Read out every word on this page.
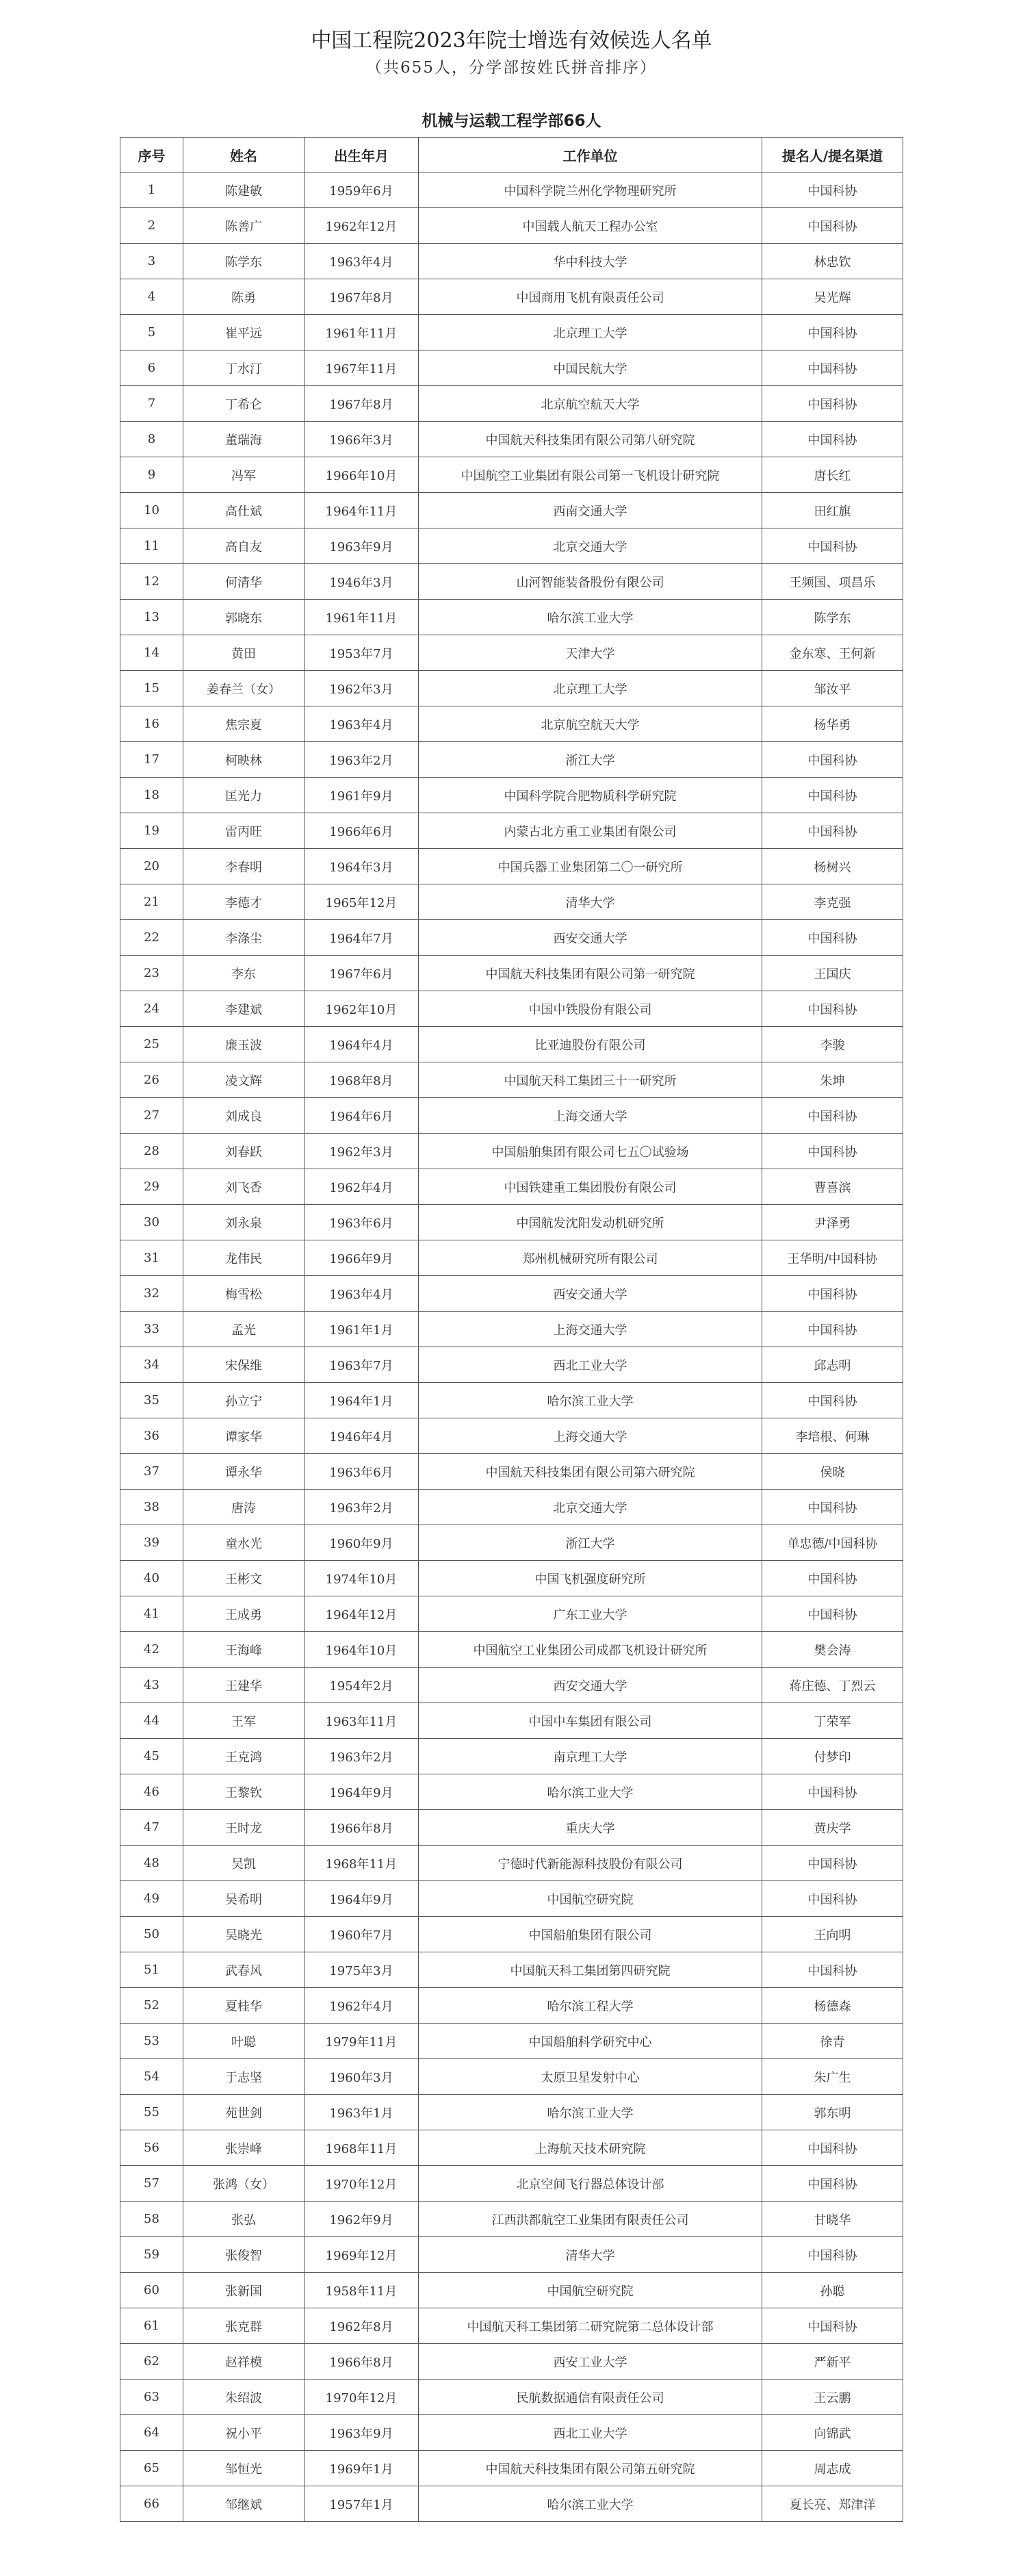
中国工程院2023年院士增选有效候选人名单
（共655人，分学部按姓氏拼音排序）
机械与运载工程学部66人
序号	姓名	出生年月	工作单位	提名人/提名渠道
1	陈建敏	1959年6月	中国科学院兰州化学物理研究所	中国科协
2	陈善广	1962年12月	中国载人航天工程办公室	中国科协
3	陈学东	1963年4月	华中科技大学	林忠钦
4	陈勇	1967年8月	中国商用飞机有限责任公司	吴光辉
5	崔平远	1961年11月	北京理工大学	中国科协
6	丁水汀	1967年11月	中国民航大学	中国科协
7	丁希仑	1967年8月	北京航空航天大学	中国科协
8	董瑞海	1966年3月	中国航天科技集团有限公司第八研究院	中国科协
9	冯军	1966年10月	中国航空工业集团有限公司第一飞机设计研究院	唐长红
10	高仕斌	1964年11月	西南交通大学	田红旗
11	高自友	1963年9月	北京交通大学	中国科协
12	何清华	1946年3月	山河智能装备股份有限公司	王频国、项昌乐
13	郭晓东	1961年11月	哈尔滨工业大学	陈学东
14	黄田	1953年7月	天津大学	金东寒、王何新
15	姜春兰（女）	1962年3月	北京理工大学	邹汝平
16	焦宗夏	1963年4月	北京航空航天大学	杨华勇
17	柯映林	1963年2月	浙江大学	中国科协
18	匡光力	1961年9月	中国科学院合肥物质科学研究院	中国科协
19	雷丙旺	1966年6月	内蒙古北方重工业集团有限公司	中国科协
20	李春明	1964年3月	中国兵器工业集团第二〇一研究所	杨树兴
21	李德才	1965年12月	清华大学	李克强
22	李涤尘	1964年7月	西安交通大学	中国科协
23	李东	1967年6月	中国航天科技集团有限公司第一研究院	王国庆
24	李建斌	1962年10月	中国中铁股份有限公司	中国科协
25	廉玉波	1964年4月	比亚迪股份有限公司	李骏
26	凌文辉	1968年8月	中国航天科工集团三十一研究所	朱坤
27	刘成良	1964年6月	上海交通大学	中国科协
28	刘春跃	1962年3月	中国船舶集团有限公司七五〇试验场	中国科协
29	刘飞香	1962年4月	中国铁建重工集团股份有限公司	曹喜滨
30	刘永泉	1963年6月	中国航发沈阳发动机研究所	尹泽勇
31	龙伟民	1966年9月	郑州机械研究所有限公司	王华明/中国科协
32	梅雪松	1963年4月	西安交通大学	中国科协
33	孟光	1961年1月	上海交通大学	中国科协
34	宋保维	1963年7月	西北工业大学	邱志明
35	孙立宁	1964年1月	哈尔滨工业大学	中国科协
36	谭家华	1946年4月	上海交通大学	李培根、何琳
37	谭永华	1963年6月	中国航天科技集团有限公司第六研究院	侯晓
38	唐涛	1963年2月	北京交通大学	中国科协
39	童水光	1960年9月	浙江大学	单忠德/中国科协
40	王彬文	1974年10月	中国飞机强度研究所	中国科协
41	王成勇	1964年12月	广东工业大学	中国科协
42	王海峰	1964年10月	中国航空工业集团公司成都飞机设计研究所	樊会涛
43	王建华	1954年2月	西安交通大学	蒋庄德、丁烈云
44	王军	1963年11月	中国中车集团有限公司	丁荣军
45	王克鸿	1963年2月	南京理工大学	付梦印
46	王黎钦	1964年9月	哈尔滨工业大学	中国科协
47	王时龙	1966年8月	重庆大学	黄庆学
48	吴凯	1968年11月	宁德时代新能源科技股份有限公司	中国科协
49	吴希明	1964年9月	中国航空研究院	中国科协
50	吴晓光	1960年7月	中国船舶集团有限公司	王向明
51	武春风	1975年3月	中国航天科工集团第四研究院	中国科协
52	夏桂华	1962年4月	哈尔滨工程大学	杨德森
53	叶聪	1979年11月	中国船舶科学研究中心	徐青
54	于志坚	1960年3月	太原卫星发射中心	朱广生
55	苑世剑	1963年1月	哈尔滨工业大学	郭东明
56	张崇峰	1968年11月	上海航天技术研究院	中国科协
57	张鸿（女）	1970年12月	北京空间飞行器总体设计部	中国科协
58	张弘	1962年9月	江西洪都航空工业集团有限责任公司	甘晓华
59	张俊智	1969年12月	清华大学	中国科协
60	张新国	1958年11月	中国航空研究院	孙聪
61	张克群	1962年8月	中国航天科工集团第二研究院第二总体设计部	中国科协
62	赵祥模	1966年8月	西安工业大学	严新平
63	朱绍波	1970年12月	民航数据通信有限责任公司	王云鹏
64	祝小平	1963年9月	西北工业大学	向锦武
65	邹恒光	1969年1月	中国航天科技集团有限公司第五研究院	周志成
66	邹继斌	1957年1月	哈尔滨工业大学	夏长亮、郑津洋
